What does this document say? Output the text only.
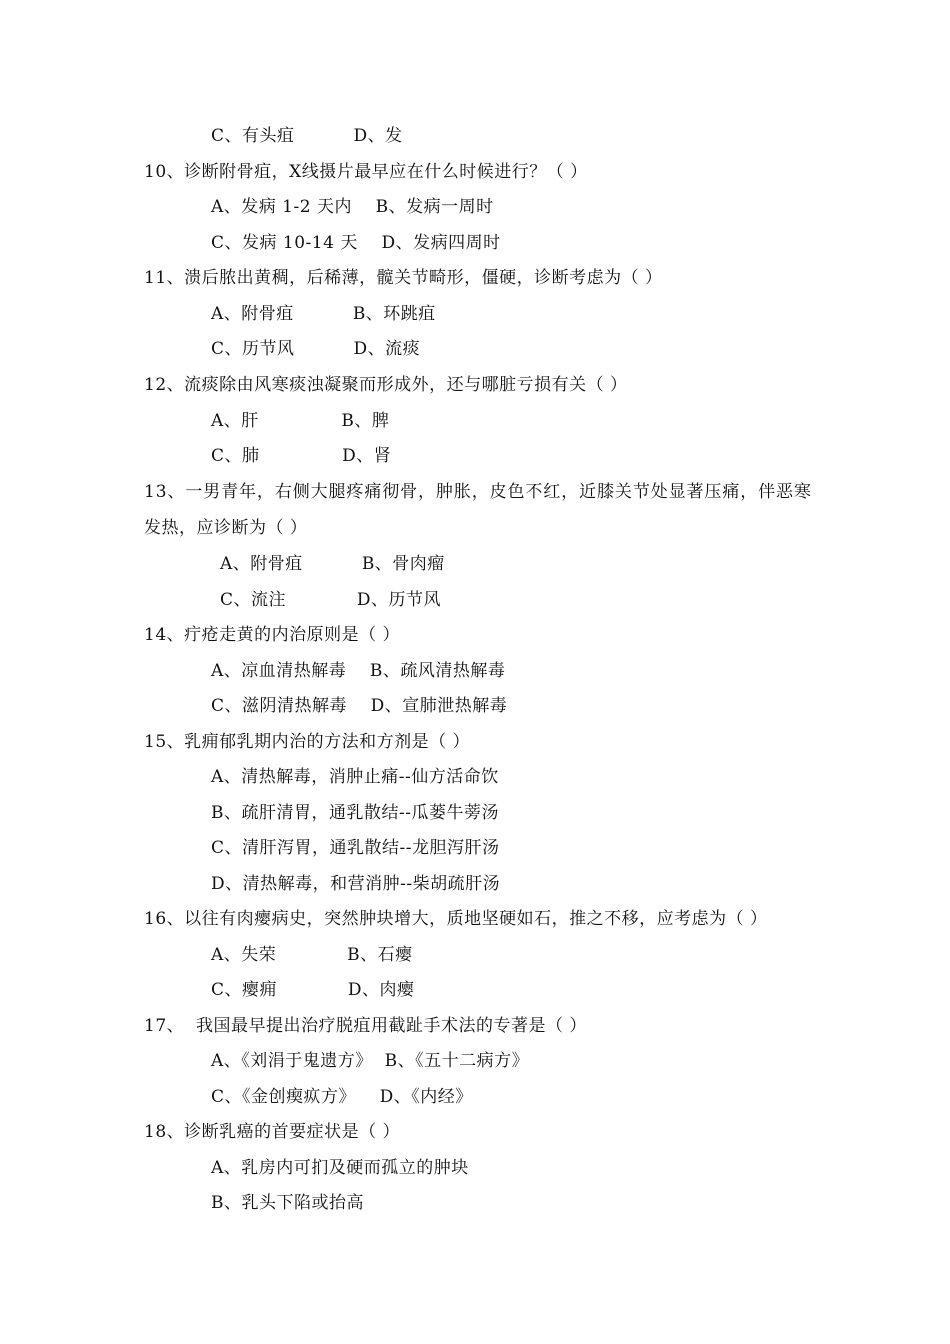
C、有头疽          D、发
10、诊断附骨疽，X线摄片最早应在什么时候进行？（ ）
A、发病 1-2 天内    B、发病一周时
C、发病 10-14 天    D、发病四周时
11、溃后脓出黄稠，后稀薄，髋关节畸形，僵硬，诊断考虑为（ ）
A、附骨疽          B、环跳疽
C、历节风          D、流痰
12、流痰除由风寒痰浊凝聚而形成外，还与哪脏亏损有关（ ）
A、肝              B、脾
C、肺              D、肾
13、一男青年，右侧大腿疼痛彻骨，肿胀，皮色不红，近膝关节处显著压痛，伴恶寒
发热，应诊断为（ ）
A、附骨疽          B、骨肉瘤
C、流注            D、历节风
14、疔疮走黄的内治原则是（ ）
A、凉血清热解毒    B、疏风清热解毒
C、滋阴清热解毒    D、宣肺泄热解毒
15、乳痈郁乳期内治的方法和方剂是（ ）
A、清热解毒，消肿止痛--仙方活命饮
B、疏肝清胃，通乳散结--瓜蒌牛蒡汤
C、清肝泻胃，通乳散结--龙胆泻肝汤
D、清热解毒，和营消肿--柴胡疏肝汤
16、以往有肉瘿病史，突然肿块增大，质地坚硬如石，推之不移，应考虑为（ ）
A、失荣            B、石瘿
C、瘿痈            D、肉瘿
17、  我国最早提出治疗脱疽用截趾手术法的专著是（ ）
A、《刘涓于鬼遗方》  B、《五十二病方》
C、《金创瘈疭方》    D、《内经》
18、诊断乳癌的首要症状是（ ）
A、乳房内可扪及硬而孤立的肿块
B、乳头下陷或抬高
